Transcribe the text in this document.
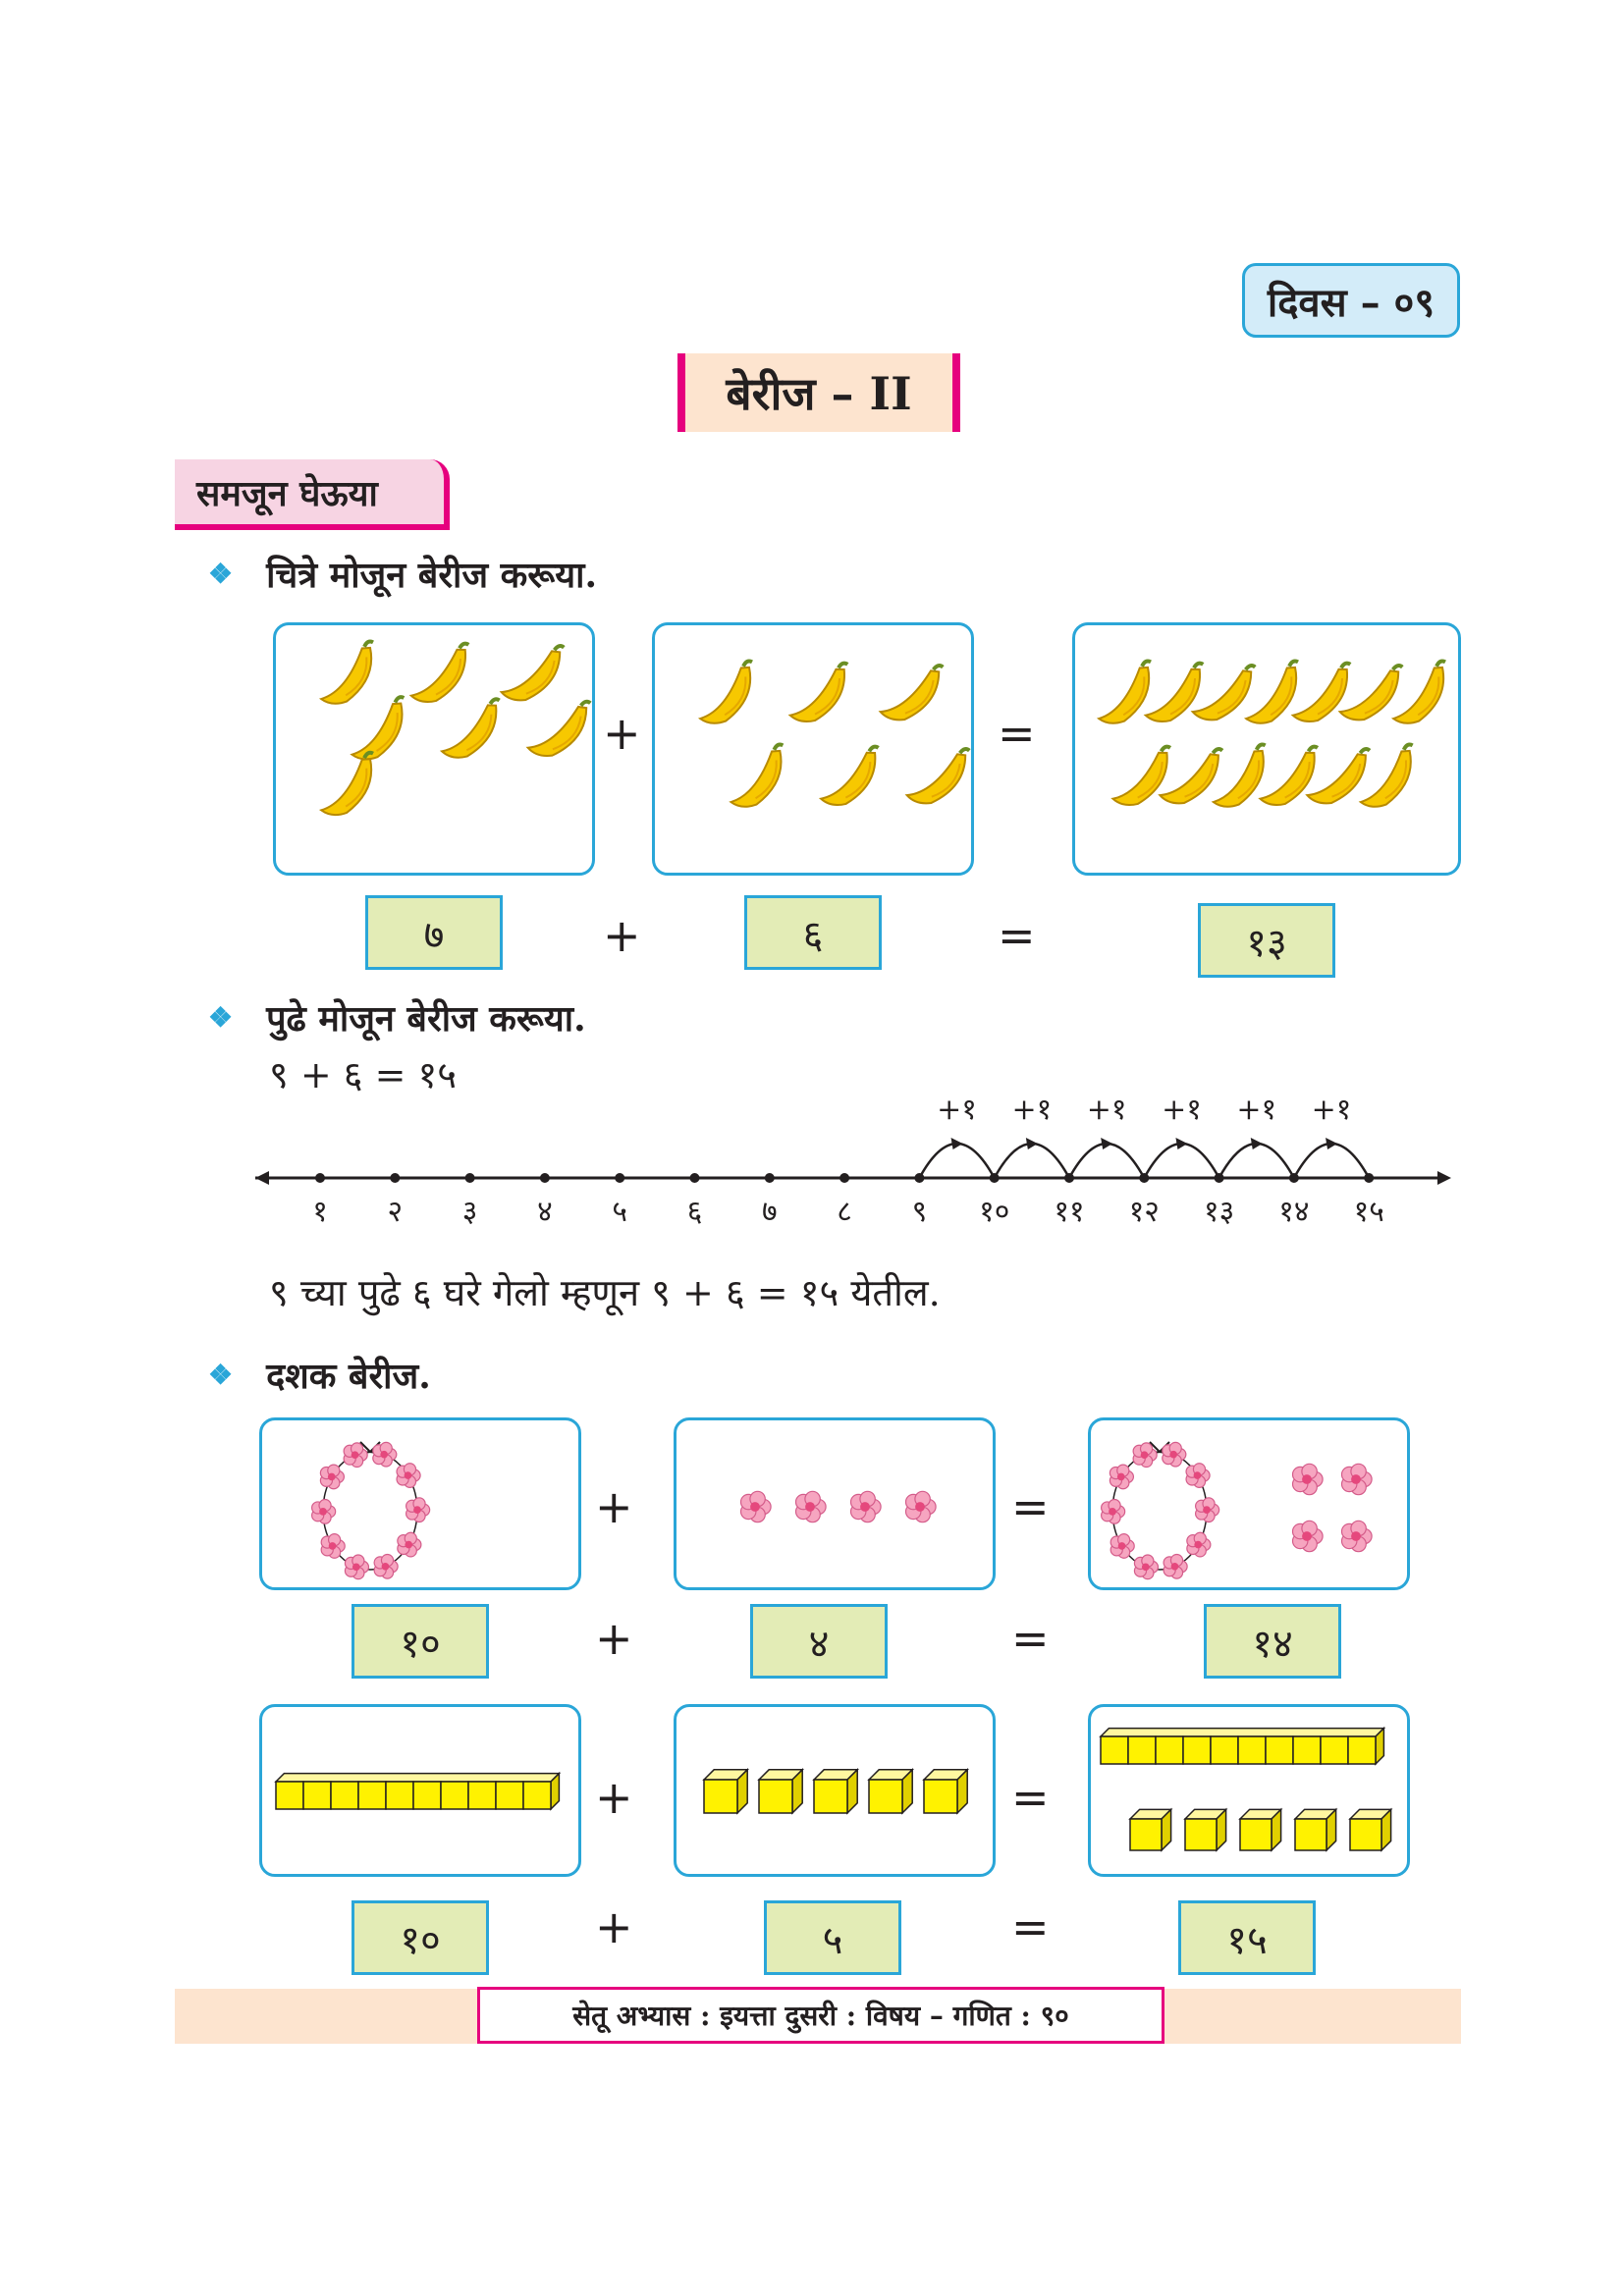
दिवस – ०९
बेरीज – II
समजून घेऊया
❖ चित्रे मोजून बेरीज करूया.
+	=
७	+	६	=	१३
❖ पुढे मोजून बेरीज करूया.
९ + ६ = १५
१ २ ३ ४ ५ ६ ७ ८ ९ १० ११ १२ १३ १४ १५
+१ +१ +१ +१ +१ +१
९ च्या पुढे ६ घरे गेलो म्हणून ९ + ६ = १५ येतील.
❖ दशक बेरीज.
+	=
१०	+	४	=	१४
+	=
१०	+	५	=	१५
सेतू अभ्यास : इयत्ता दुसरी : विषय – गणित : ९०
